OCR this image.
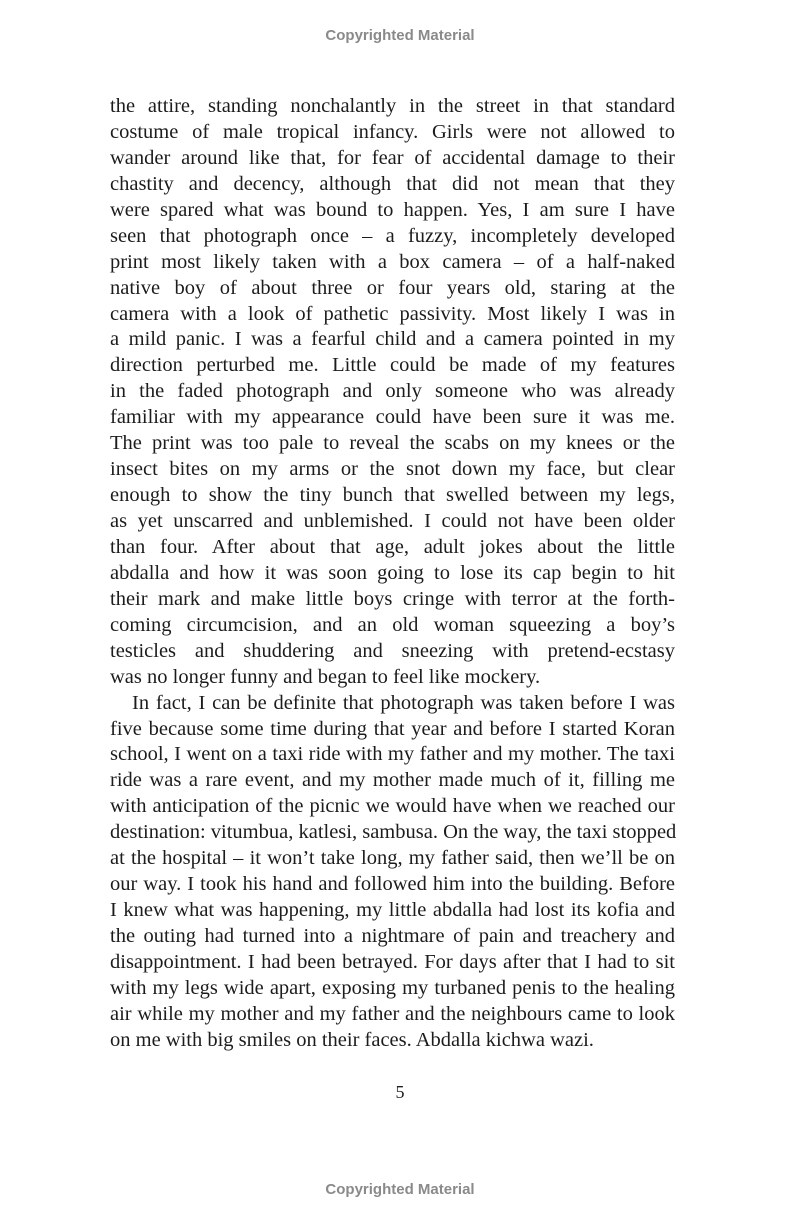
Copyrighted Material
the attire, standing nonchalantly in the street in that standard
costume of male tropical infancy. Girls were not allowed to
wander around like that, for fear of accidental damage to their
chastity and decency, although that did not mean that they
were spared what was bound to happen. Yes, I am sure I have
seen that photograph once – a fuzzy, incompletely developed
print most likely taken with a box camera – of a half-naked
native boy of about three or four years old, staring at the
camera with a look of pathetic passivity. Most likely I was in
a mild panic. I was a fearful child and a camera pointed in my
direction perturbed me. Little could be made of my features
in the faded photograph and only someone who was already
familiar with my appearance could have been sure it was me.
The print was too pale to reveal the scabs on my knees or the
insect bites on my arms or the snot down my face, but clear
enough to show the tiny bunch that swelled between my legs,
as yet unscarred and unblemished. I could not have been older
than four. After about that age, adult jokes about the little
abdalla and how it was soon going to lose its cap begin to hit
their mark and make little boys cringe with terror at the forth-
coming circumcision, and an old woman squeezing a boy’s
testicles and shuddering and sneezing with pretend-ecstasy
was no longer funny and began to feel like mockery.
In fact, I can be definite that photograph was taken before I was
five because some time during that year and before I started Koran
school, I went on a taxi ride with my father and my mother. The taxi
ride was a rare event, and my mother made much of it, filling me
with anticipation of the picnic we would have when we reached our
destination: vitumbua, katlesi, sambusa. On the way, the taxi stopped
at the hospital – it won’t take long, my father said, then we’ll be on
our way. I took his hand and followed him into the building. Before
I knew what was happening, my little abdalla had lost its kofia and
the outing had turned into a nightmare of pain and treachery and
disappointment. I had been betrayed. For days after that I had to sit
with my legs wide apart, exposing my turbaned penis to the healing
air while my mother and my father and the neighbours came to look
on me with big smiles on their faces. Abdalla kichwa wazi.
5
Copyrighted Material
